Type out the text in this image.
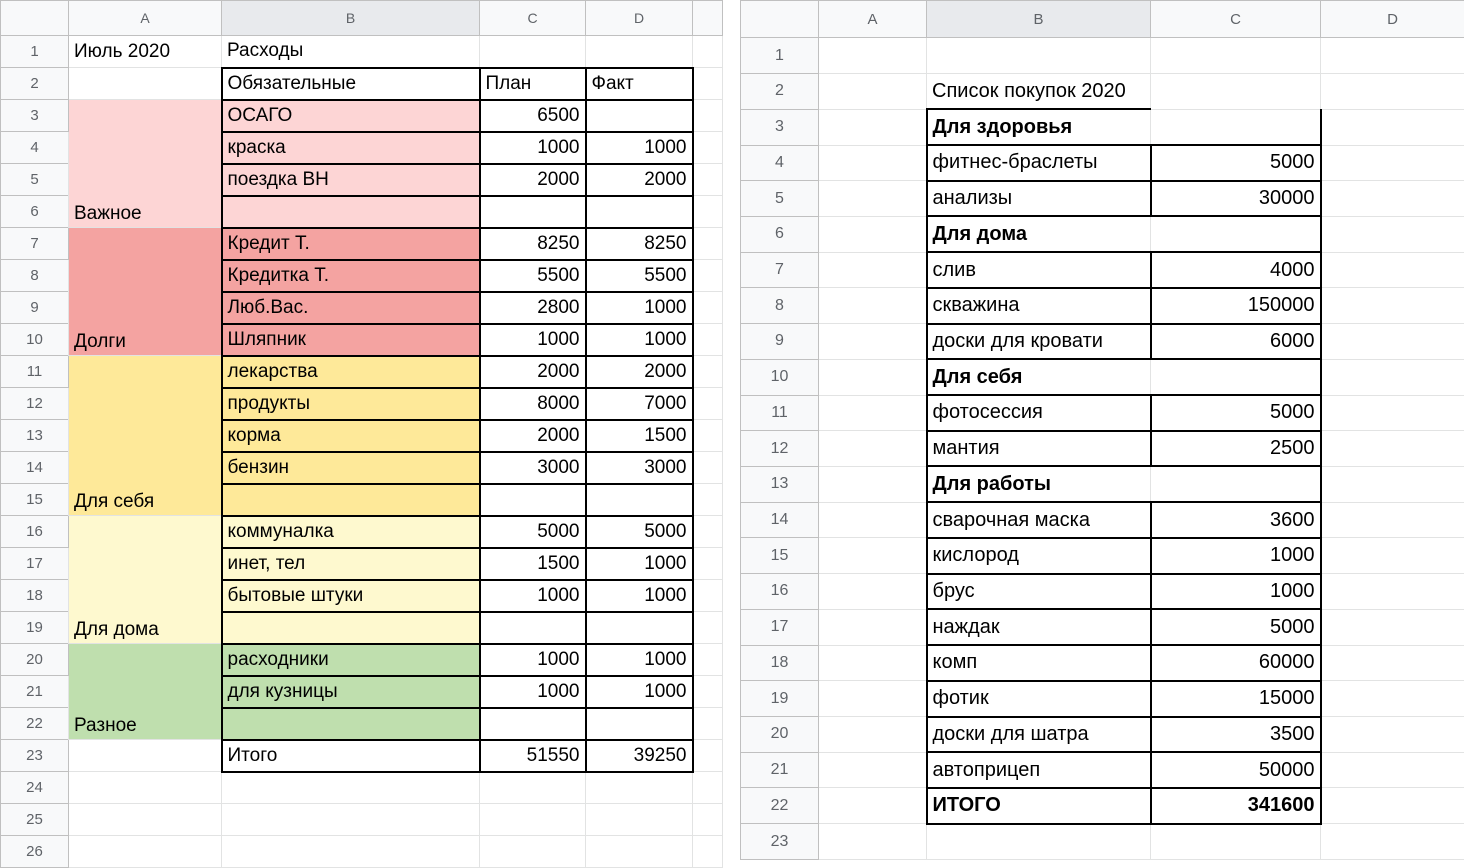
	A	B	C	D	
1	Июль 2020	Расходы			
2		Обязательные	План	Факт	
3	Важное	ОСАГО	6500		
4		краска	1000	1000	
5		поездка ВН	2000	2000	
6					
7	Долги	Кредит Т.	8250	8250	
8		Кредитка Т.	5500	5500	
9		Люб.Вас.	2800	1000	
10		Шляпник	1000	1000	
11	Для себя	лекарства	2000	2000	
12		продукты	8000	7000	
13		корма	2000	1500	
14		бензин	3000	3000	
15					
16	Для дома	коммуналка	5000	5000	
17		инет, тел	1500	1000	
18		бытовые штуки	1000	1000	
19					
20	Разное	расходники	1000	1000	
21		для кузницы	1000	1000	
22					
23		Итого	51550	39250	
24					
25					
26					
	A	B	C	D
1				
2		Список покупок 2020		
3		Для здоровья		
4		фитнес-браслеты	5000	
5		анализы	30000	
6		Для дома		
7		слив	4000	
8		скважина	150000	
9		доски для кровати	6000	
10		Для себя		
11		фотосессия	5000	
12		мантия	2500	
13		Для работы		
14		сварочная маска	3600	
15		кислород	1000	
16		брус	1000	
17		наждак	5000	
18		комп	60000	
19		фотик	15000	
20		доски для шатра	3500	
21		автоприцеп	50000	
22		ИТОГО	341600	
23				
